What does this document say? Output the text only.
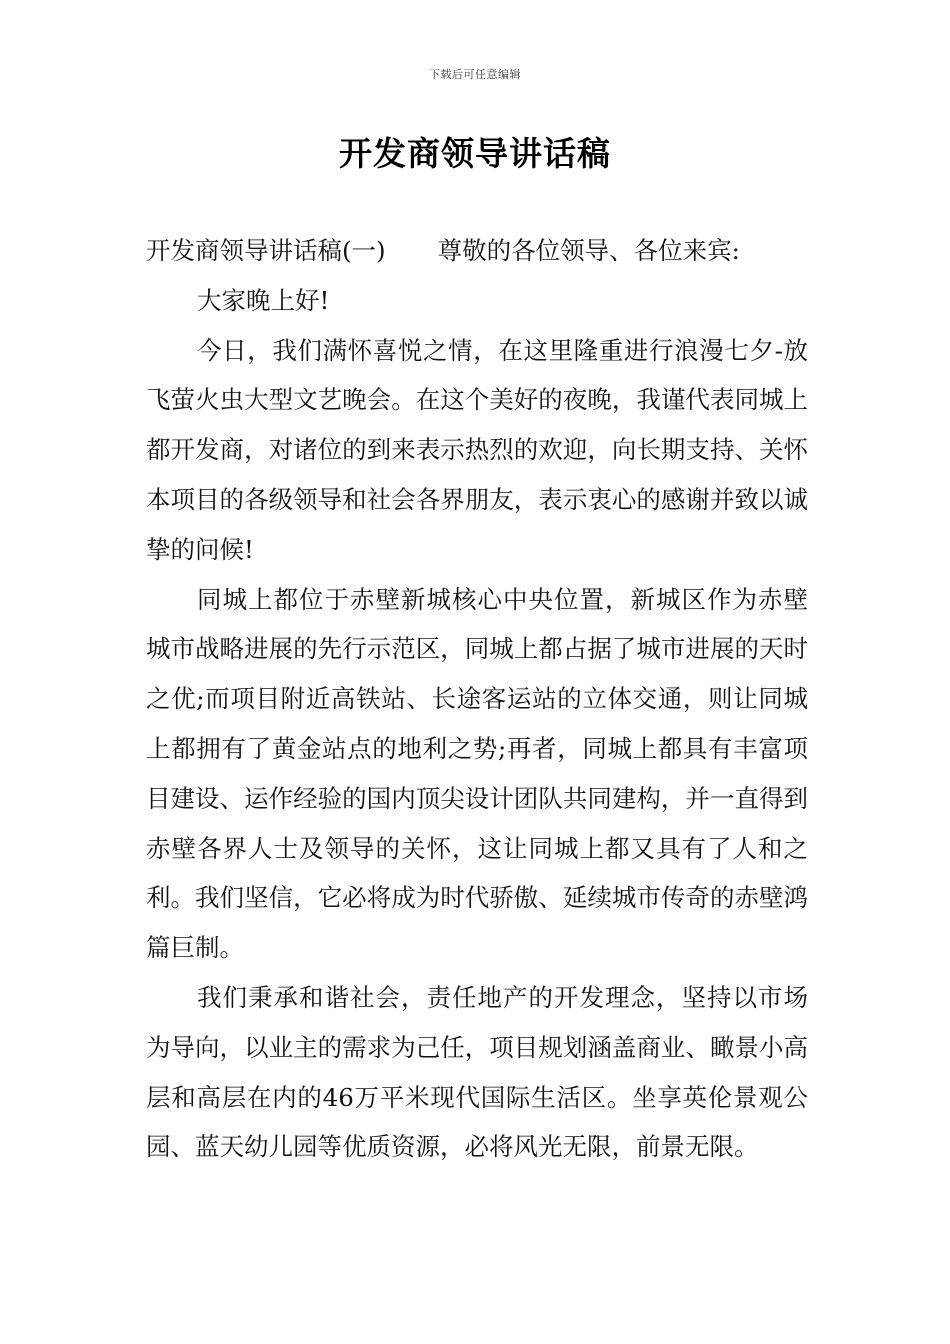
下载后可任意编辑
开发商领导讲话稿

开发商领导讲话稿(一) 尊敬的各位领导、各位来宾:

大家晚上好!

今日，我们满怀喜悦之情，在这里隆重进行浪漫七夕-放飞萤火虫大型文艺晚会。在这个美好的夜晚，我谨代表同城上都开发商，对诸位的到来表示热烈的欢迎，向长期支持、关怀本项目的各级领导和社会各界朋友，表示衷心的感谢并致以诚挚的问候!

同城上都位于赤壁新城核心中央位置，新城区作为赤壁城市战略进展的先行示范区，同城上都占据了城市进展的天时之优;而项目附近高铁站、长途客运站的立体交通，则让同城上都拥有了黄金站点的地利之势;再者，同城上都具有丰富项目建设、运作经验的国内顶尖设计团队共同建构，并一直得到赤壁各界人士及领导的关怀，这让同城上都又具有了人和之利。我们坚信，它必将成为时代骄傲、延续城市传奇的赤壁鸿篇巨制。

我们秉承和谐社会，责任地产的开发理念，坚持以市场为导向，以业主的需求为己任，项目规划涵盖商业、瞰景小高层和高层在内的46万平米现代国际生活区。坐享英伦景观公园、蓝天幼儿园等优质资源，必将风光无限，前景无限。
